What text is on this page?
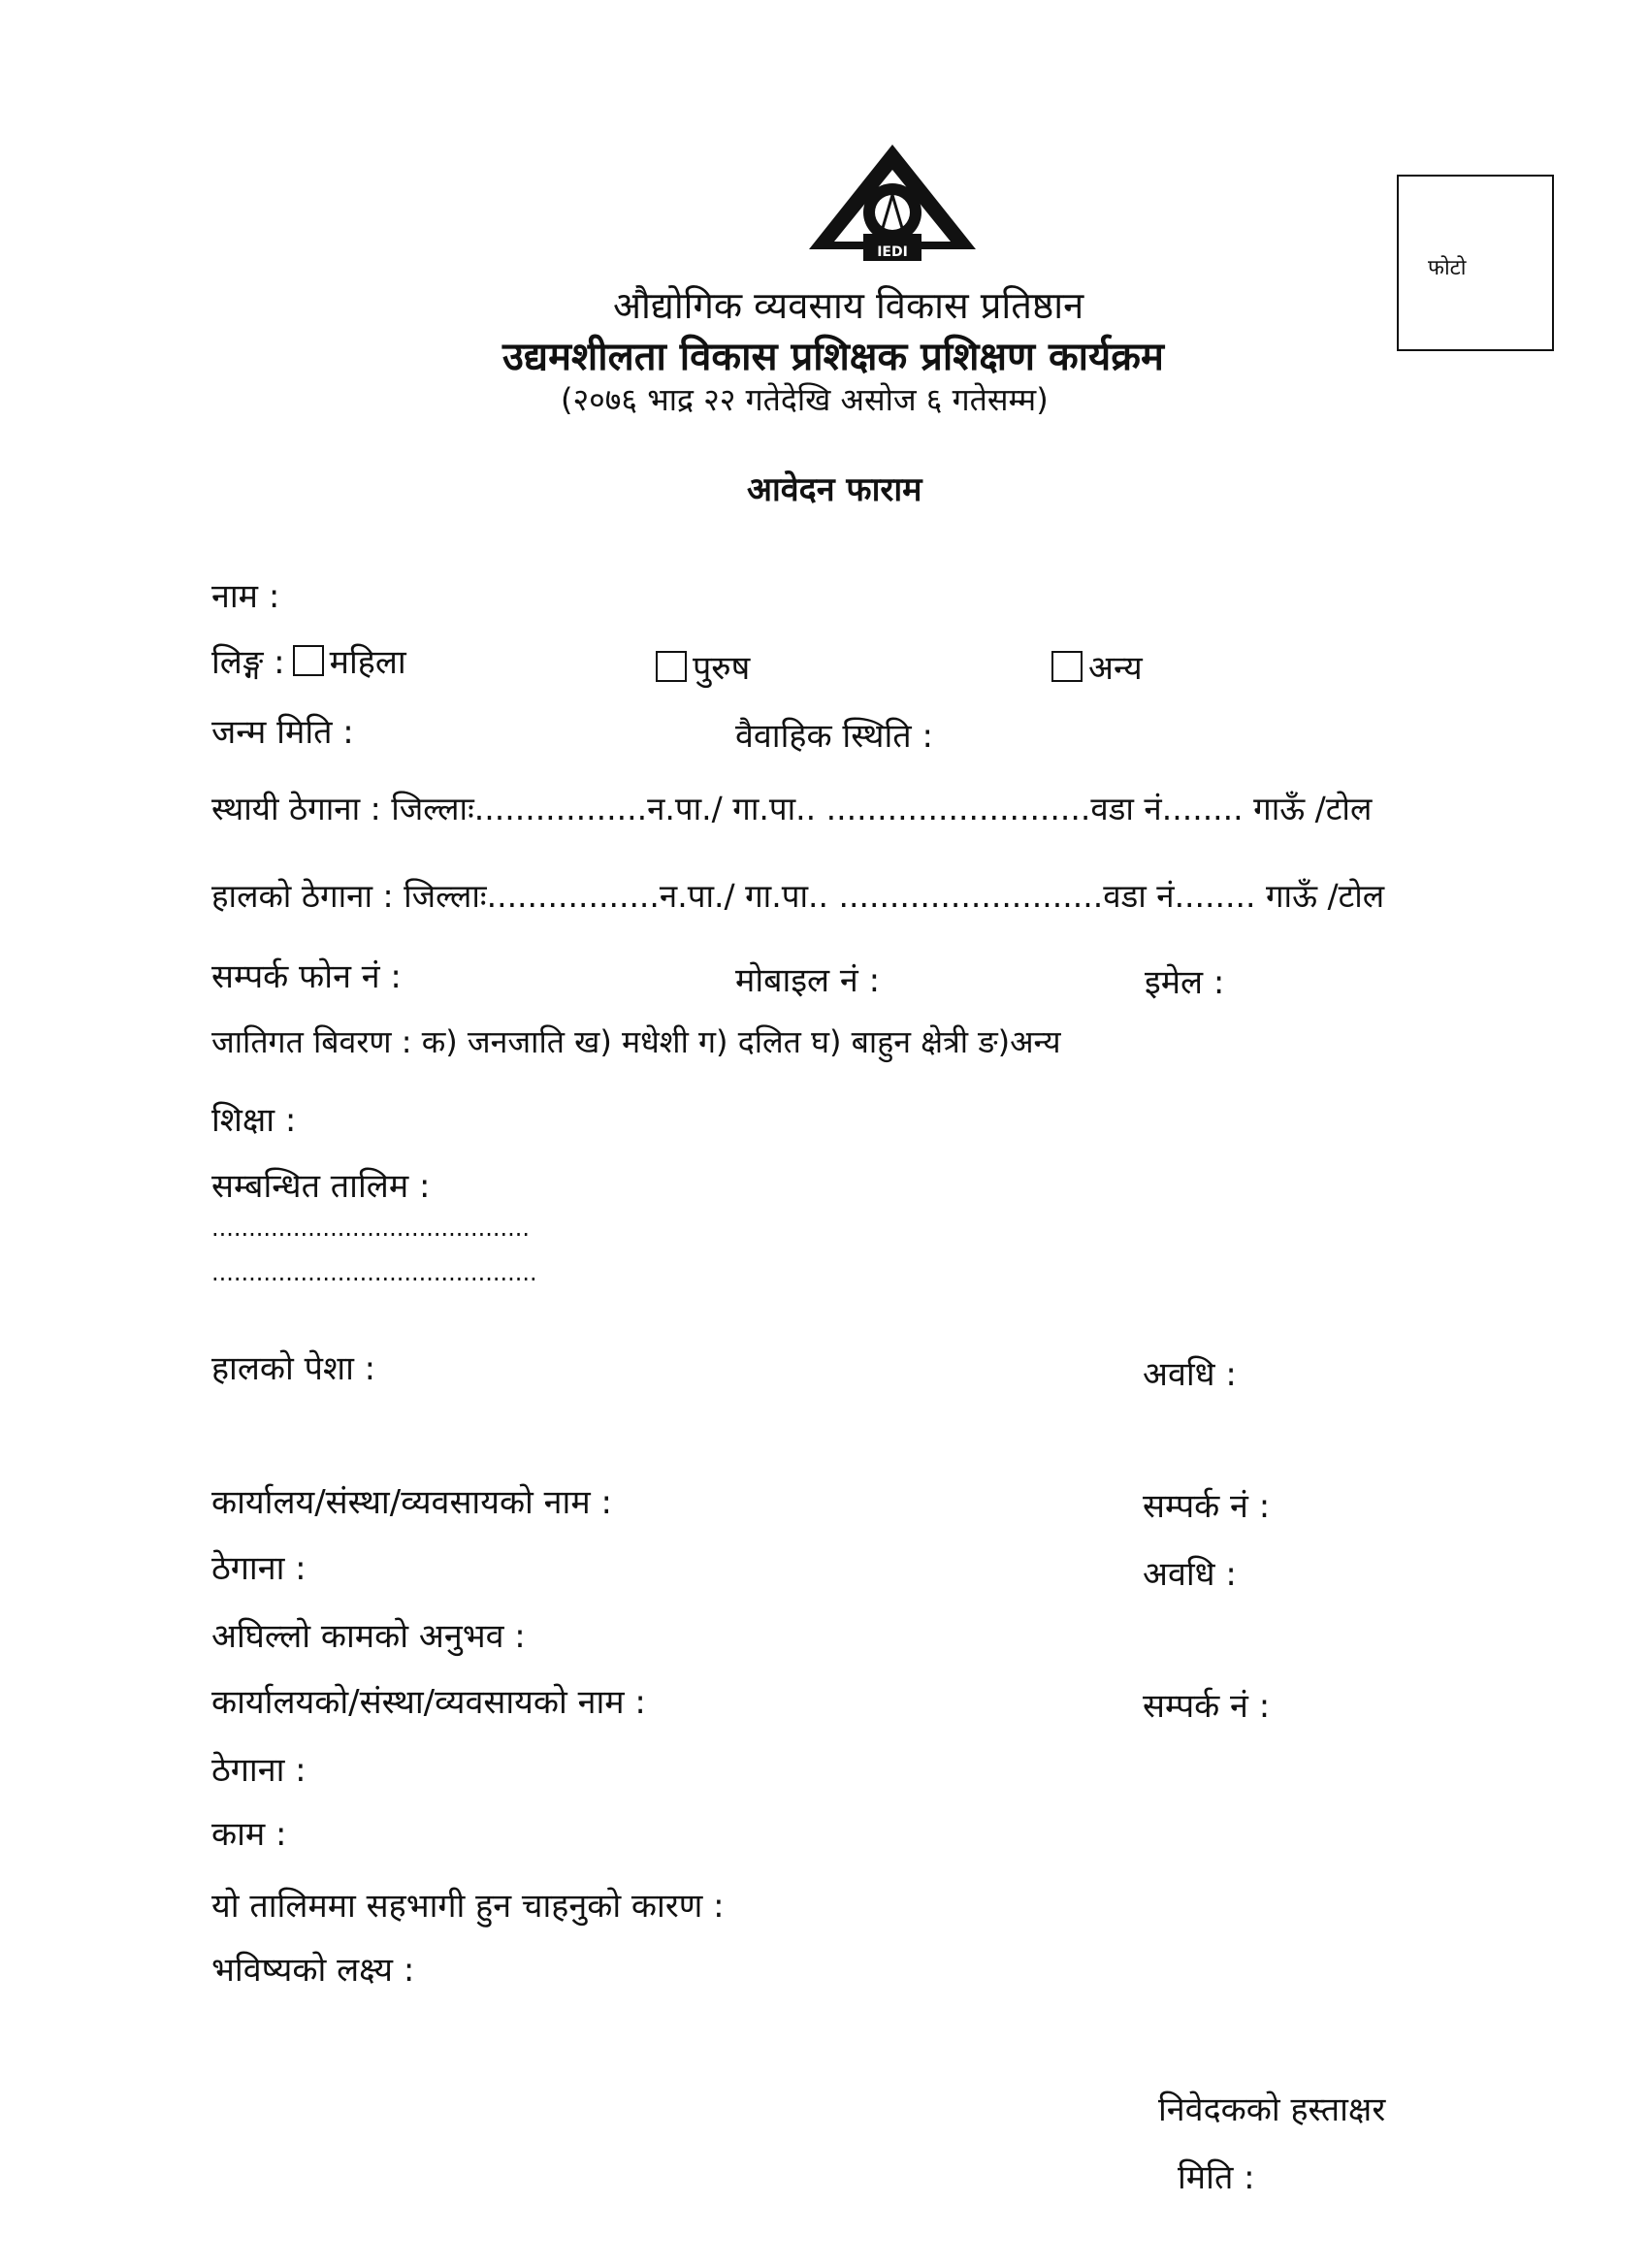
IEDI
फोटो
औद्योगिक व्यवसाय विकास प्रतिष्ठान
उद्यमशीलता विकास प्रशिक्षक प्रशिक्षण कार्यक्रम
(२०७६ भाद्र २२ गतेदेखि असोज ६ गतेसम्म)
आवेदन फाराम
नाम :
लिङ्ग : महिला	पुरुष	अन्य
जन्म मिति :	वैवाहिक स्थिति :
स्थायी ठेगाना : जिल्लाः.................न.पा./ गा.पा.. ..........................वडा नं........ गाऊँ /टोल
हालको ठेगाना : जिल्लाः.................न.पा./ गा.पा.. ..........................वडा नं........ गाऊँ /टोल
सम्पर्क फोन नं :	मोबाइल नं :	इमेल :
जातिगत बिवरण : क) जनजाति ख) मधेशी ग) दलित घ) बाहुन क्षेत्री ङ)अन्य
शिक्षा :
सम्बन्धित तालिम :
...........................................
............................................
हालको पेशा :	अवधि :
कार्यालय/संस्था/व्यवसायको नाम :	सम्पर्क नं :
ठेगाना :	अवधि :
अघिल्लो कामको अनुभव :
कार्यालयको/संस्था/व्यवसायको नाम :	सम्पर्क नं :
ठेगाना :
काम :
यो तालिममा सहभागी हुन चाहनुको कारण :
भविष्यको लक्ष्य :
निवेदकको हस्ताक्षर
मिति :
